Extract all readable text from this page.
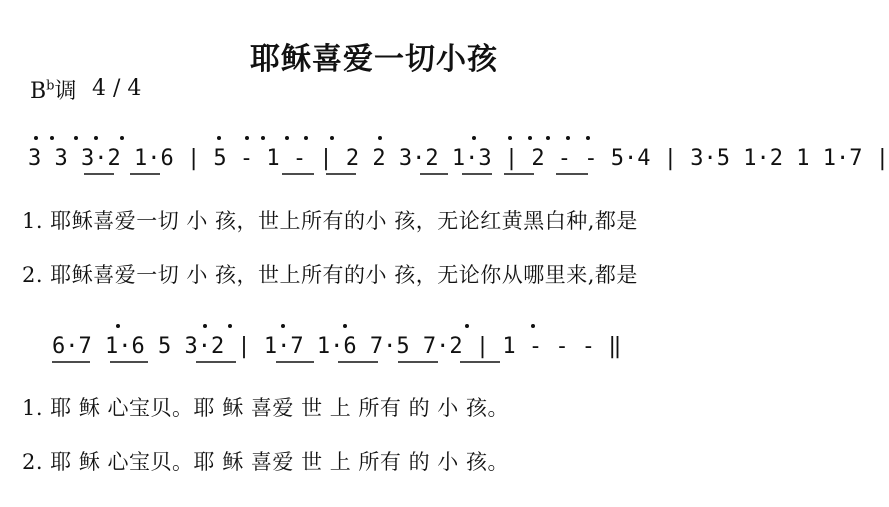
耶稣喜爱一切小孩
$B^b$调 4 / 4
3 3 3·2 1·6 | 5 - 1 - | 2 2 3·2 1·3 | 2 - - 5·4 | 3·5 1·2 1 1·7 |
1. 耶稣喜爱一切 小 孩，世上所有的小 孩，无论红黄黑白种,都是
2. 耶稣喜爱一切 小 孩，世上所有的小 孩，无论你从哪里来,都是
6·7 1·6 5 3·2 | 1·7 1·6 7·5 7·2 | 1 - - - ‖
1. 耶 稣 心宝贝。耶 稣 喜爱 世 上 所有 的 小 孩。
2. 耶 稣 心宝贝。耶 稣 喜爱 世 上 所有 的 小 孩。
